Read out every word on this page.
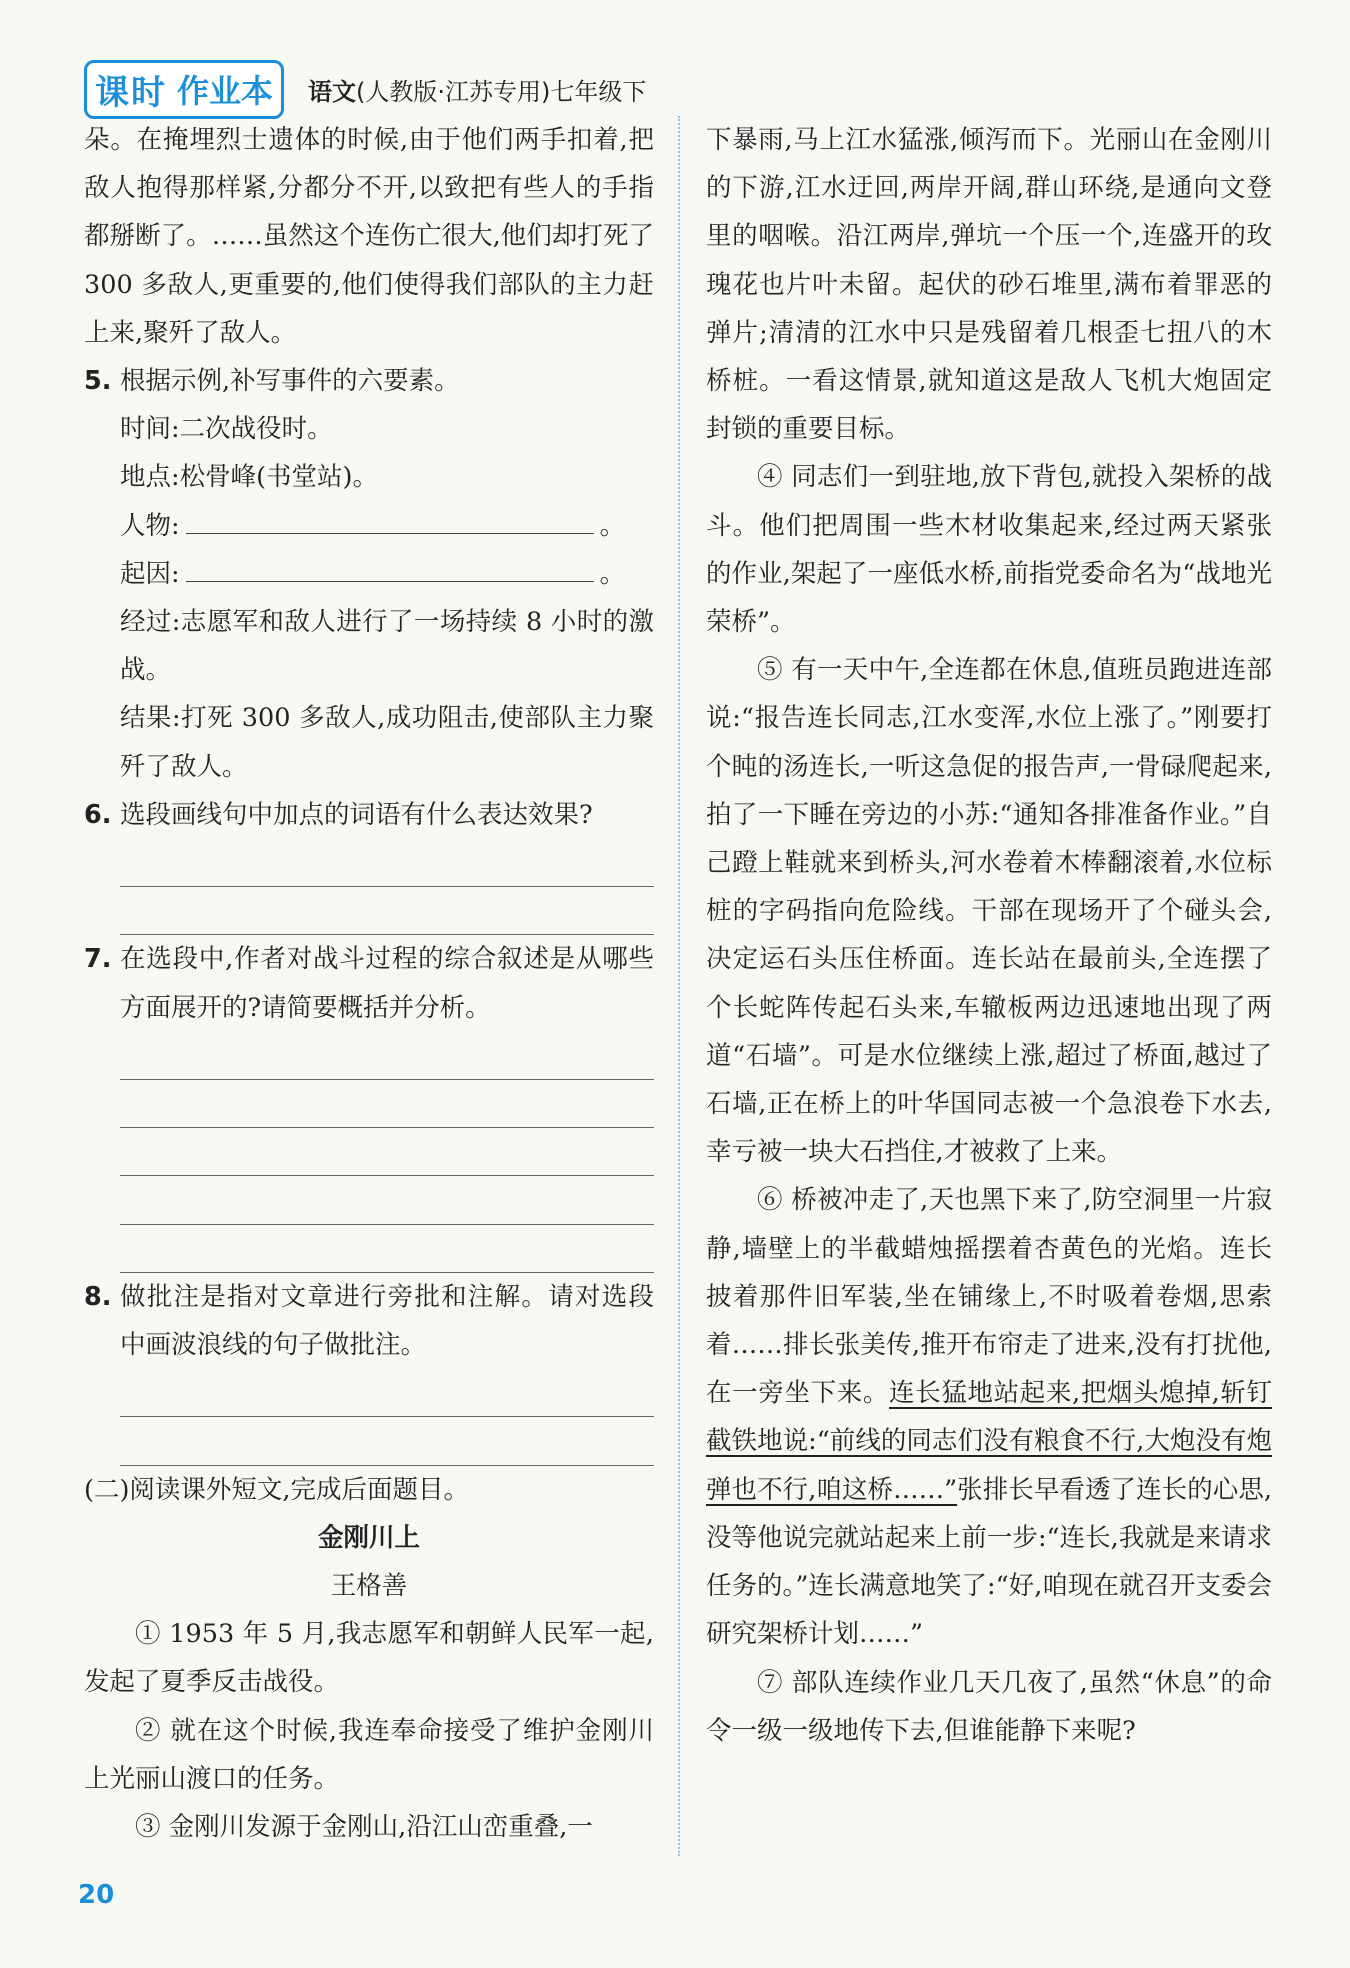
课时 作业本 语文(人教版·江苏专用)七年级下

朵。在掩埋烈士遗体的时候,由于他们两手扣着,把敌人抱得那样紧,分都分不开,以致把有些人的手指都掰断了。……虽然这个连伤亡很大,他们却打死了 300 多敌人,更重要的,他们使得我们部队的主力赶上来,聚歼了敌人。

5. 根据示例,补写事件的六要素。

时间:二次战役时。

地点:松骨峰(书堂站)。

人物:	。

起因:	。

经过:志愿军和敌人进行了一场持续 8 小时的激战。

结果:打死 300 多敌人,成功阻击,使部队主力聚歼了敌人。

6. 选段画线句中加点的词语有什么表达效果?
7. 在选段中,作者对战斗过程的综合叙述是从哪些方面展开的?请简要概括并分析。
8. 做批注是指对文章进行旁批和注解。请对选段中画波浪线的句子做批注。

(二)阅读课外短文,完成后面题目。

金刚川上

王格善

① 1953 年 5 月,我志愿军和朝鲜人民军一起,发起了夏季反击战役。

② 就在这个时候,我连奉命接受了维护金刚川上光丽山渡口的任务。

③ 金刚川发源于金刚山,沿江山峦重叠,一

下暴雨,马上江水猛涨,倾泻而下。光丽山在金刚川的下游,江水迂回,两岸开阔,群山环绕,是通向文登里的咽喉。沿江两岸,弹坑一个压一个,连盛开的玫瑰花也片叶未留。起伏的砂石堆里,满布着罪恶的弹片;清清的江水中只是残留着几根歪七扭八的木桥桩。一看这情景,就知道这是敌人飞机大炮固定封锁的重要目标。

④ 同志们一到驻地,放下背包,就投入架桥的战斗。他们把周围一些木材收集起来,经过两天紧张的作业,架起了一座低水桥,前指党委命名为“战地光荣桥”。

⑤ 有一天中午,全连都在休息,值班员跑进连部说:“报告连长同志,江水变浑,水位上涨了。”刚要打个盹的汤连长,一听这急促的报告声,一骨碌爬起来,拍了一下睡在旁边的小苏:“通知各排准备作业。”自己蹬上鞋就来到桥头,河水卷着木棒翻滚着,水位标桩的字码指向危险线。干部在现场开了个碰头会,决定运石头压住桥面。连长站在最前头,全连摆了个长蛇阵传起石头来,车辙板两边迅速地出现了两道“石墙”。可是水位继续上涨,超过了桥面,越过了石墙,正在桥上的叶华国同志被一个急浪卷下水去,幸亏被一块大石挡住,才被救了上来。

⑥ 桥被冲走了,天也黑下来了,防空洞里一片寂静,墙壁上的半截蜡烛摇摆着杏黄色的光焰。连长披着那件旧军装,坐在铺缘上,不时吸着卷烟,思索着……排长张美传,推开布帘走了进来,没有打扰他,在一旁坐下来。连长猛地站起来,把烟头熄掉,斩钉截铁地说:“前线的同志们没有粮食不行,大炮没有炮弹也不行,咱这桥……”张排长早看透了连长的心思,没等他说完就站起来上前一步:“连长,我就是来请求任务的。”连长满意地笑了:“好,咱现在就召开支委会研究架桥计划……”

⑦ 部队连续作业几天几夜了,虽然“休息”的命令一级一级地传下去,但谁能静下来呢?

20
